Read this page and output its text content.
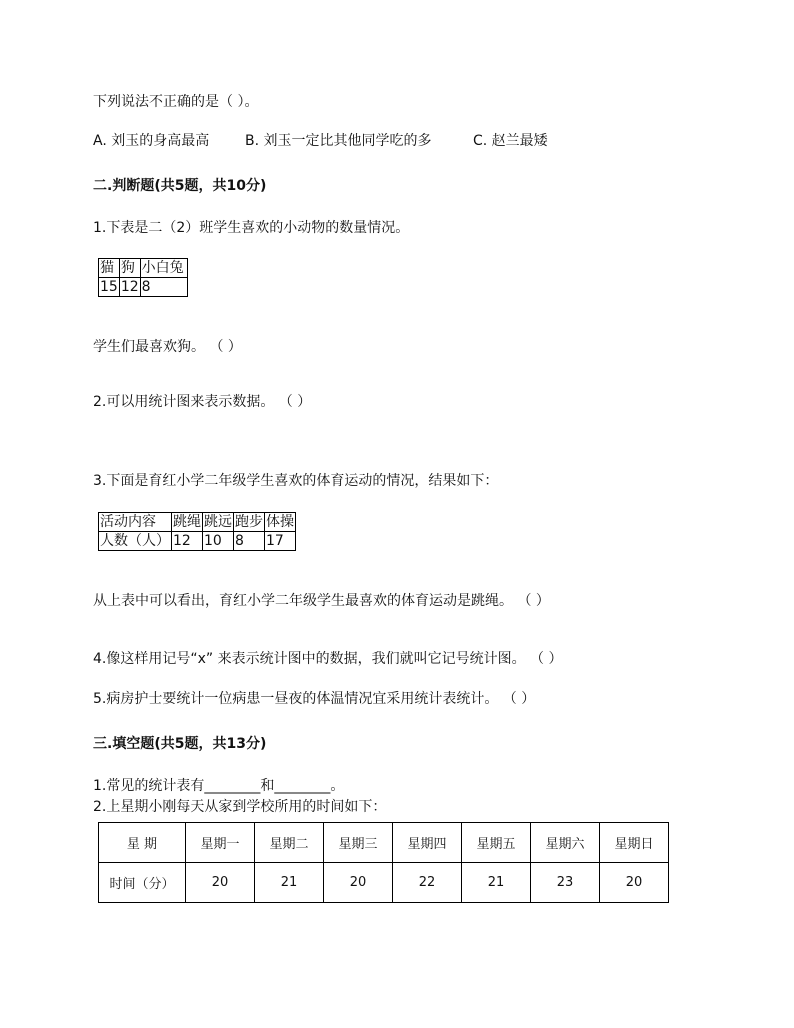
下列说法不正确的是（ ）。
A. 刘玉的身高最高	B. 刘玉一定比其他同学吃的多	C. 赵兰最矮
二.判断题(共5题，共10分)
1.下表是二（2）班学生喜欢的小动物的数量情况。
猫	狗	小白兔
15	12	8
学生们最喜欢狗。 （ ）
2.可以用统计图来表示数据。 （ ）
3.下面是育红小学二年级学生喜欢的体育运动的情况，结果如下：
活动内容	跳绳	跳远	跑步	体操
人数（人）	12	10	8	17
从上表中可以看出，育红小学二年级学生最喜欢的体育运动是跳绳。 （ ）
4.像这样用记号“x” 来表示统计图中的数据，我们就叫它记号统计图。 （ ）
5.病房护士要统计一位病患一昼夜的体温情况宜采用统计表统计。 （ ）
三.填空题(共5题，共13分)
1.常见的统计表有________和________。
2.上星期小刚每天从家到学校所用的时间如下：
星 期	星期一	星期二	星期三	星期四	星期五	星期六	星期日
时间（分）	20	21	20	22	21	23	20
